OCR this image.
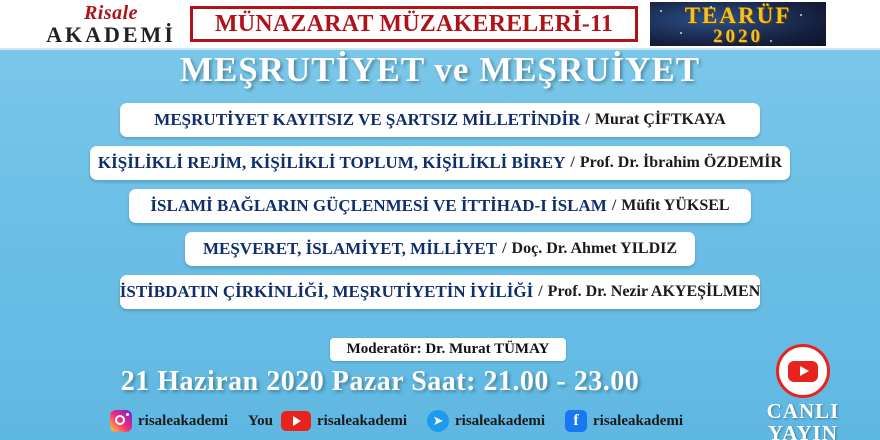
Risale
AKADEMİ	MÜNAZARAT MÜZAKERELERİ-11	TEARÜF
2020
MEŞRUTİYET ve MEŞRUİYET
MEŞRUTİYET KAYITSIZ VE ŞARTSIZ MİLLETİNDİR / Murat ÇİFTKAYA
KİŞİLİKLİ REJİM, KİŞİLİKLİ TOPLUM, KİŞİLİKLİ BİREY / Prof. Dr. İbrahim ÖZDEMİR
İSLAMİ BAĞLARIN GÜÇLENMESİ VE İTTİHAD-I İSLAM / Müfit YÜKSEL
MEŞVERET, İSLAMİYET, MİLLİYET / Doç. Dr. Ahmet YILDIZ
İSTİBDATIN ÇİRKİNLİĞİ, MEŞRUTİYETİN İYİLİĞİ / Prof. Dr. Nezir AKYEŞİLMEN
Moderatör: Dr. Murat TÜMAY
21 Haziran 2020 Pazar Saat: 21.00 - 23.00
risaleakademi You	risaleakademi	➤ risaleakademi	f risaleakademi	CANLI
YAYIN
